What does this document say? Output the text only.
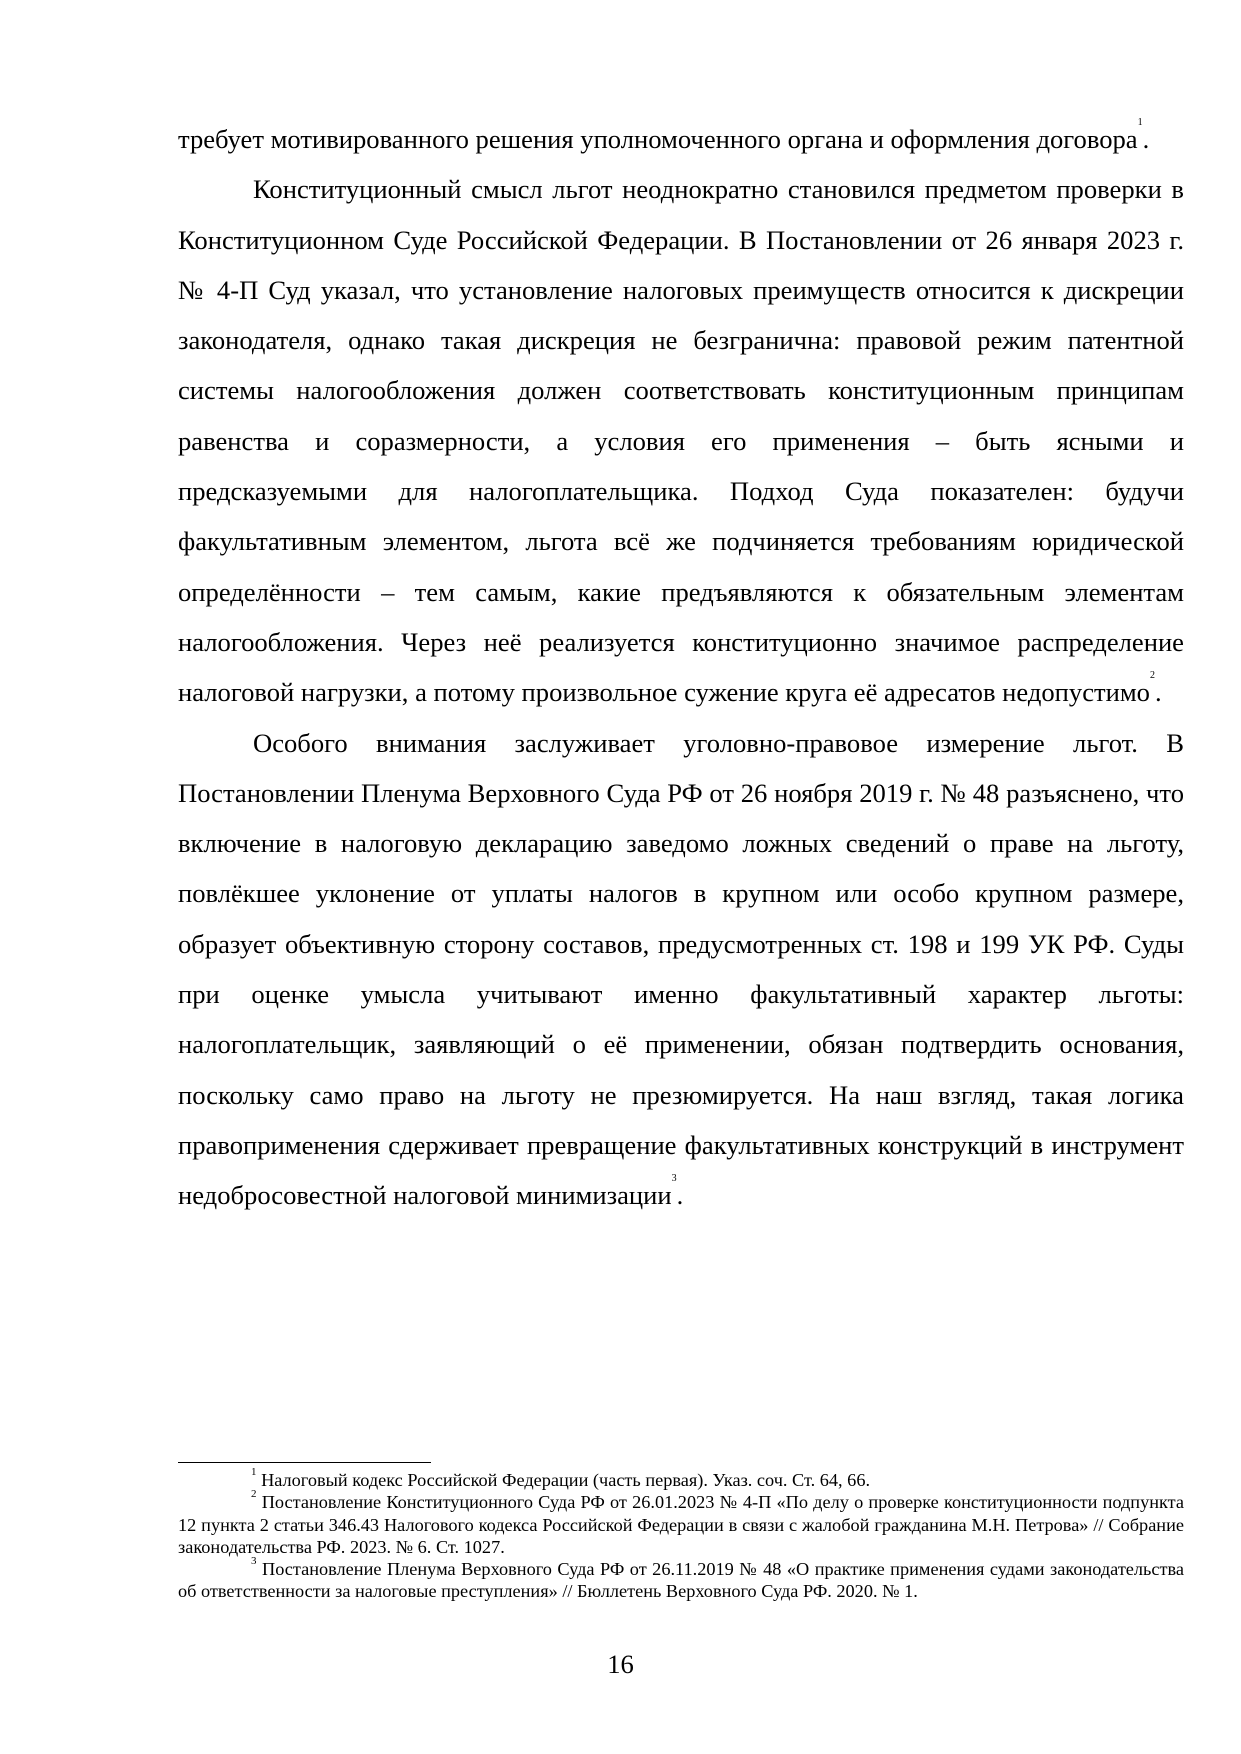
требует мотивированного решения уполномоченного органа и оформления договора$^1$.

Конституционный смысл льгот неоднократно становился предметом проверки в Конституционном Суде Российской Федерации. В Постановлении от 26 января 2023 г. № 4-П Суд указал, что установление налоговых преимуществ относится к дискреции законодателя, однако такая дискреция не безгранична: правовой режим патентной системы налогообложения должен соответствовать конституционным принципам равенства и соразмерности, а условия его применения – быть ясными и предсказуемыми для налогоплательщика. Подход Суда показателен: будучи факультативным элементом, льгота всё же подчиняется требованиям юридической определённости – тем самым, какие предъявляются к обязательным элементам налогообложения. Через неё реализуется конституционно значимое распределение налоговой нагрузки, а потому произвольное сужение круга её адресатов недопустимо$^2$.

Особого внимания заслуживает уголовно-правовое измерение льгот. В Постановлении Пленума Верховного Суда РФ от 26 ноября 2019 г. № 48 разъяснено, что включение в налоговую декларацию заведомо ложных сведений о праве на льготу, повлёкшее уклонение от уплаты налогов в крупном или особо крупном размере, образует объективную сторону составов, предусмотренных ст. 198 и 199 УК РФ. Суды при оценке умысла учитывают именно факультативный характер льготы: налогоплательщик, заявляющий о её применении, обязан подтвердить основания, поскольку само право на льготу не презюмируется. На наш взгляд, такая логика правоприменения сдерживает превращение факультативных конструкций в инструмент недобросовестной налоговой минимизации$^3$.

$^1$ Налоговый кодекс Российской Федерации (часть первая). Указ. соч. Ст. 64, 66.

$^2$ Постановление Конституционного Суда РФ от 26.01.2023 № 4-П «По делу о проверке конституционности подпункта 12 пункта 2 статьи 346.43 Налогового кодекса Российской Федерации в связи с жалобой гражданина М.Н. Петрова» // Собрание законодательства РФ. 2023. № 6. Ст. 1027.

$^3$ Постановление Пленума Верховного Суда РФ от 26.11.2019 № 48 «О практике применения судами законодательства об ответственности за налоговые преступления» // Бюллетень Верховного Суда РФ. 2020. № 1.

16
